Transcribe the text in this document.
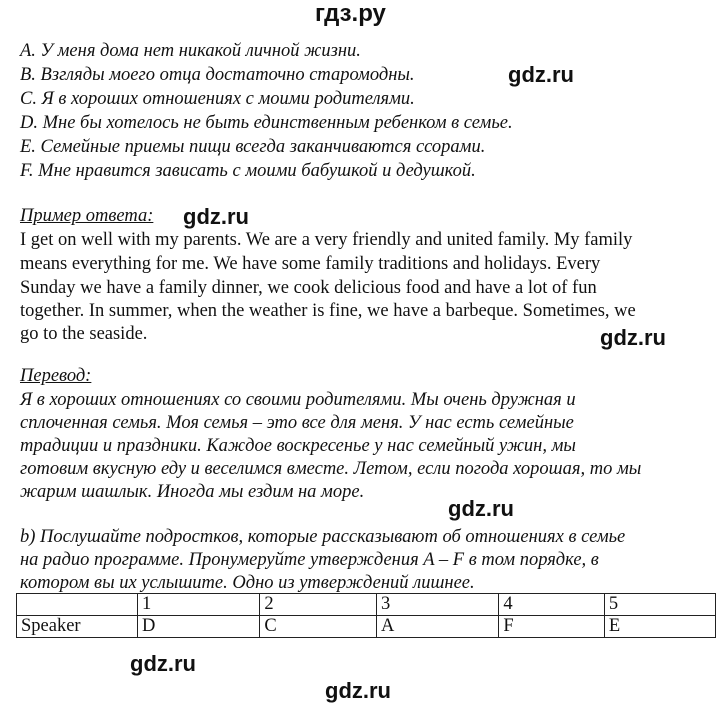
гдз.ру
gdz.ru
gdz.ru
gdz.ru
gdz.ru
gdz.ru
gdz.ru
A. У меня дома нет никакой личной жизни.
B. Взгляды моего отца достаточно старомодны.
C. Я в хороших отношениях с моими родителями.
D. Мне бы хотелось не быть единственным ребенком в семье.
E. Семейные приемы пищи всегда заканчиваются ссорами.
F. Мне нравится зависать с моими бабушкой и дедушкой.
Пример ответа:
I get on well with my parents. We are a very friendly and united family. My family
means everything for me. We have some family traditions and holidays. Every
Sunday we have a family dinner, we cook delicious food and have a lot of fun
together. In summer, when the weather is fine, we have a barbeque. Sometimes, we
go to the seaside.
Перевод:
Я в хороших отношениях со своими родителями. Мы очень дружная и
сплоченная семья. Моя семья – это все для меня. У нас есть семейные
традиции и праздники. Каждое воскресенье у нас семейный ужин, мы
готовим вкусную еду и веселимся вместе. Летом, если погода хорошая, то мы
жарим шашлык. Иногда мы ездим на море.
b) Послушайте подростков, которые рассказывают об отношениях в семье
на радио программе. Пронумеруйте утверждения A – F в том порядке, в
котором вы их услышите. Одно из утверждений лишнее.
	1	2	3	4	5
Speaker	D	C	A	F	E
